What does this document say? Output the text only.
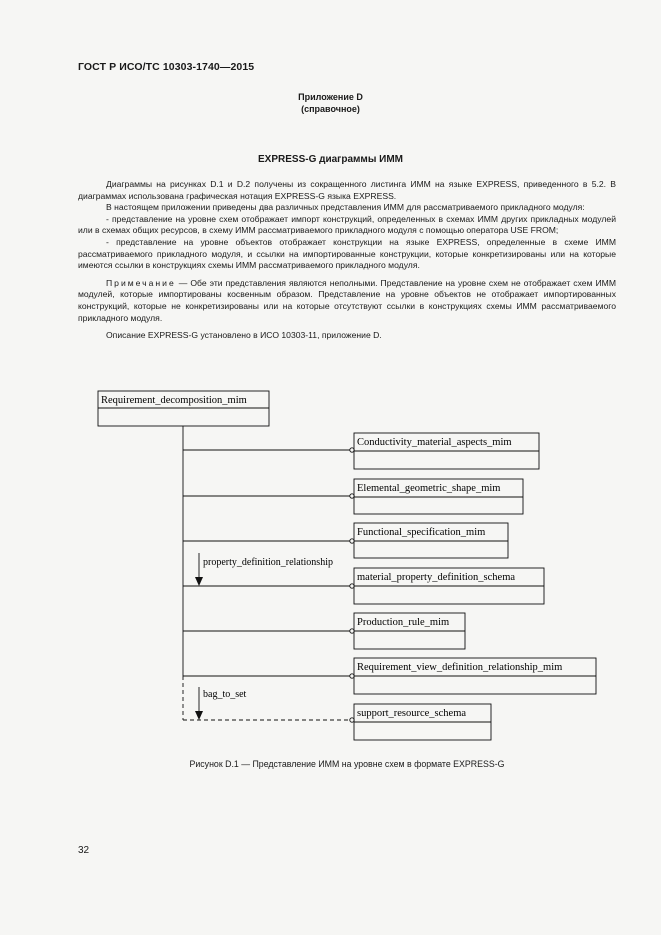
ГОСТ Р ИСО/ТС 10303-1740—2015
Приложение D
(справочное)
EXPRESS-G диаграммы ИММ

Диаграммы на рисунках D.1 и D.2 получены из сокращенного листинга ИММ на языке EXPRESS, приведенного в 5.2. В диаграммах использована графическая нотация EXPRESS-G языка EXPRESS.

В настоящем приложении приведены два различных представления ИММ для рассматриваемого прикладного модуля:

- представление на уровне схем отображает импорт конструкций, определенных в схемах ИММ других прикладных модулей или в схемах общих ресурсов, в схему ИММ рассматриваемого прикладного модуля с помощью оператора USE FROM;

- представление на уровне объектов отображает конструкции на языке EXPRESS, определенные в схеме ИММ рассматриваемого прикладного модуля, и ссылки на импортированные конструкции, которые конкретизированы или на которые имеются ссылки в конструкциях схемы ИММ рассматриваемого прикладного модуля.

Примечание — Обе эти представления являются неполными. Представление на уровне схем не отображает схем ИММ модулей, которые импортированы косвенным образом. Представление на уровне объектов не отображает импортированных конструкций, которые не конкретизированы или на которые отсутствуют ссылки в конструкциях схемы ИММ рассматриваемого прикладного модуля.

Описание EXPRESS-G установлено в ИСО 10303-11, приложение D.

Requirement_decomposition_mim
Conductivity_material_aspects_mim
Elemental_geometric_shape_mim
Functional_specification_mim
material_property_definition_schema
Production_rule_mim
Requirement_view_definition_relationship_mim
support_resource_schema
property_definition_relationship
bag_to_set
Рисунок D.1 — Представление ИММ на уровне схем в формате EXPRESS-G
32
